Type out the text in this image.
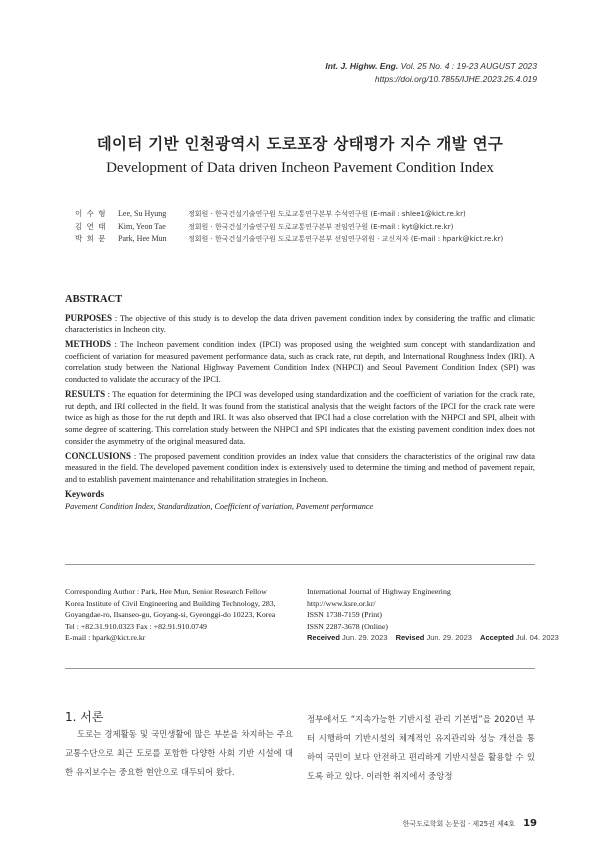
Int. J. Highw. Eng. Vol. 25 No. 4 : 19-23 AUGUST 2023
https://doi.org/10.7855/IJHE.2023.25.4.019
데이터 기반 인천광역시 도로포장 상태평가 지수 개발 연구
Development of Data driven Incheon Pavement Condition Index
이 수 형	Lee, Su Hyung	정회원 · 한국건설기술연구원 도로교통연구본부 수석연구원 (E-mail : shlee1@kict.re.kr)
김 연 태	Kim, Yeon Tae	정회원 · 한국건설기술연구원 도로교통연구본부 전임연구원 (E-mail : kyt@kict.re.kr)
박 희 문	Park, Hee Mun	정회원 · 한국건설기술연구원 도로교통연구본부 선임연구위원 · 교신저자 (E-mail : hpark@kict.re.kr)
ABSTRACT

PURPOSES : The objective of this study is to develop the data driven pavement condition index by considering the traffic and climatic characteristics in Incheon city.

METHODS : The Incheon pavement condition index (IPCI) was proposed using the weighted sum concept with standardization and coefficient of variation for measured pavement performance data, such as crack rate, rut depth, and International Roughness Index (IRI). A correlation study between the National Highway Pavement Condition Index (NHPCI) and Seoul Pavement Condition Index (SPI) was conducted to validate the accuracy of the IPCI.

RESULTS : The equation for determining the IPCI was developed using standardization and the coefficient of variation for the crack rate, rut depth, and IRI collected in the field. It was found from the statistical analysis that the weight factors of the IPCI for the crack rate were twice as high as those for the rut depth and IRI. It was also observed that IPCI had a close correlation with the NHPCI and SPI, albeit with some degree of scattering. This correlation study between the NHPCI and SPI indicates that the existing pavement condition index does not consider the asymmetry of the original measured data.

CONCLUSIONS : The proposed pavement condition provides an index value that considers the characteristics of the original raw data measured in the field. The developed pavement condition index is extensively used to determine the timing and method of pavement repair, and to establish pavement maintenance and rehabilitation strategies in Incheon.

Keywords
Pavement Condition Index, Standardization, Coefficient of variation, Pavement performance
Corresponding Author : Park, Hee Mun, Senior Research Fellow
Korea Institute of Civil Engineering and Building Technology, 283,
Goyangdae-ro, Ilsanseo-gu, Goyang-si, Gyeonggi-do 10223, Korea
Tel : +82.31.910.0323 Fax : +82.91.910.0749
E-mail : hpark@kict.re.kr
International Journal of Highway Engineering
http://www.ksre.or.kr/
ISSN 1738-7159 (Print)
ISSN 2287-3678 (Online)
Received Jun. 29. 2023 Revised Jun. 29. 2023 Accepted Jul. 04. 2023
1. 서론
도로는 경제활동 및 국민생활에 많은 부분을 차지하는 주요 교통수단으로 최근 도로를 포함한 다양한 사회 기반 시설에 대한 유지보수는 중요한 현안으로 대두되어 왔다.
정부에서도 “지속가능한 기반시설 관리 기본법”을 2020년 부터 시행하여 기반시설의 체계적인 유지관리와 성능 개선을 통하여 국민이 보다 안전하고 편리하게 기반시설을 활용할 수 있도록 하고 있다. 이러한 취지에서 중앙정
한국도로학회 논문집 · 제25권 제4호 19
